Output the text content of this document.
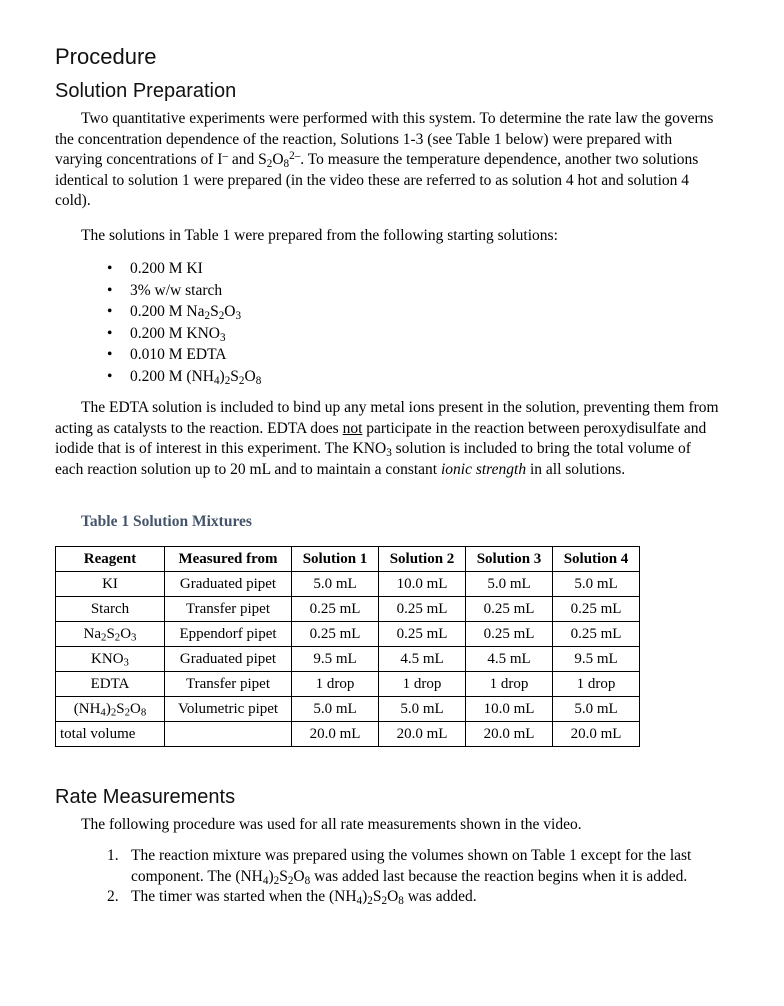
Procedure
Solution Preparation

Two quantitative experiments were performed with this system. To determine the rate law the governs the concentration dependence of the reaction, Solutions 1-3 (see Table 1 below) were prepared with varying concentrations of I– and $S_2O_8^{2-}$. To measure the temperature dependence, another two solutions identical to solution 1 were prepared (in the video these are referred to as solution 4 hot and solution 4 cold).

The solutions in Table 1 were prepared from the following starting solutions:

• 0.200 M KI
• 3% w/w starch
• 0.200 M $Na_2S_2O_3$
• 0.200 M $KNO_3$
• 0.010 M EDTA
• 0.200 M $(NH_4)_2S_2O_8$

The EDTA solution is included to bind up any metal ions present in the solution, preventing them from acting as catalysts to the reaction. EDTA does not participate in the reaction between peroxydisulfate and iodide that is of interest in this experiment. The $KNO_3$ solution is included to bring the total volume of each reaction solution up to 20 mL and to maintain a constant ionic strength in all solutions.

Table 1 Solution Mixtures
Reagent	Measured from	Solution 1	Solution 2	Solution 3	Solution 4
KI	Graduated pipet	5.0 mL	10.0 mL	5.0 mL	5.0 mL
Starch	Transfer pipet	0.25 mL	0.25 mL	0.25 mL	0.25 mL
$Na_2S_2O_3$	Eppendorf pipet	0.25 mL	0.25 mL	0.25 mL	0.25 mL
$KNO_3$	Graduated pipet	9.5 mL	4.5 mL	4.5 mL	9.5 mL
EDTA	Transfer pipet	1 drop	1 drop	1 drop	1 drop
$(NH_4)_2S_2O_8$	Volumetric pipet	5.0 mL	5.0 mL	10.0 mL	5.0 mL
total volume		20.0 mL	20.0 mL	20.0 mL	20.0 mL
Rate Measurements

The following procedure was used for all rate measurements shown in the video.

1. The reaction mixture was prepared using the volumes shown on Table 1 except for the last component. The $(NH_4)_2S_2O_8$ was added last because the reaction begins when it is added.
2. The timer was started when the $(NH_4)_2S_2O_8$ was added.
